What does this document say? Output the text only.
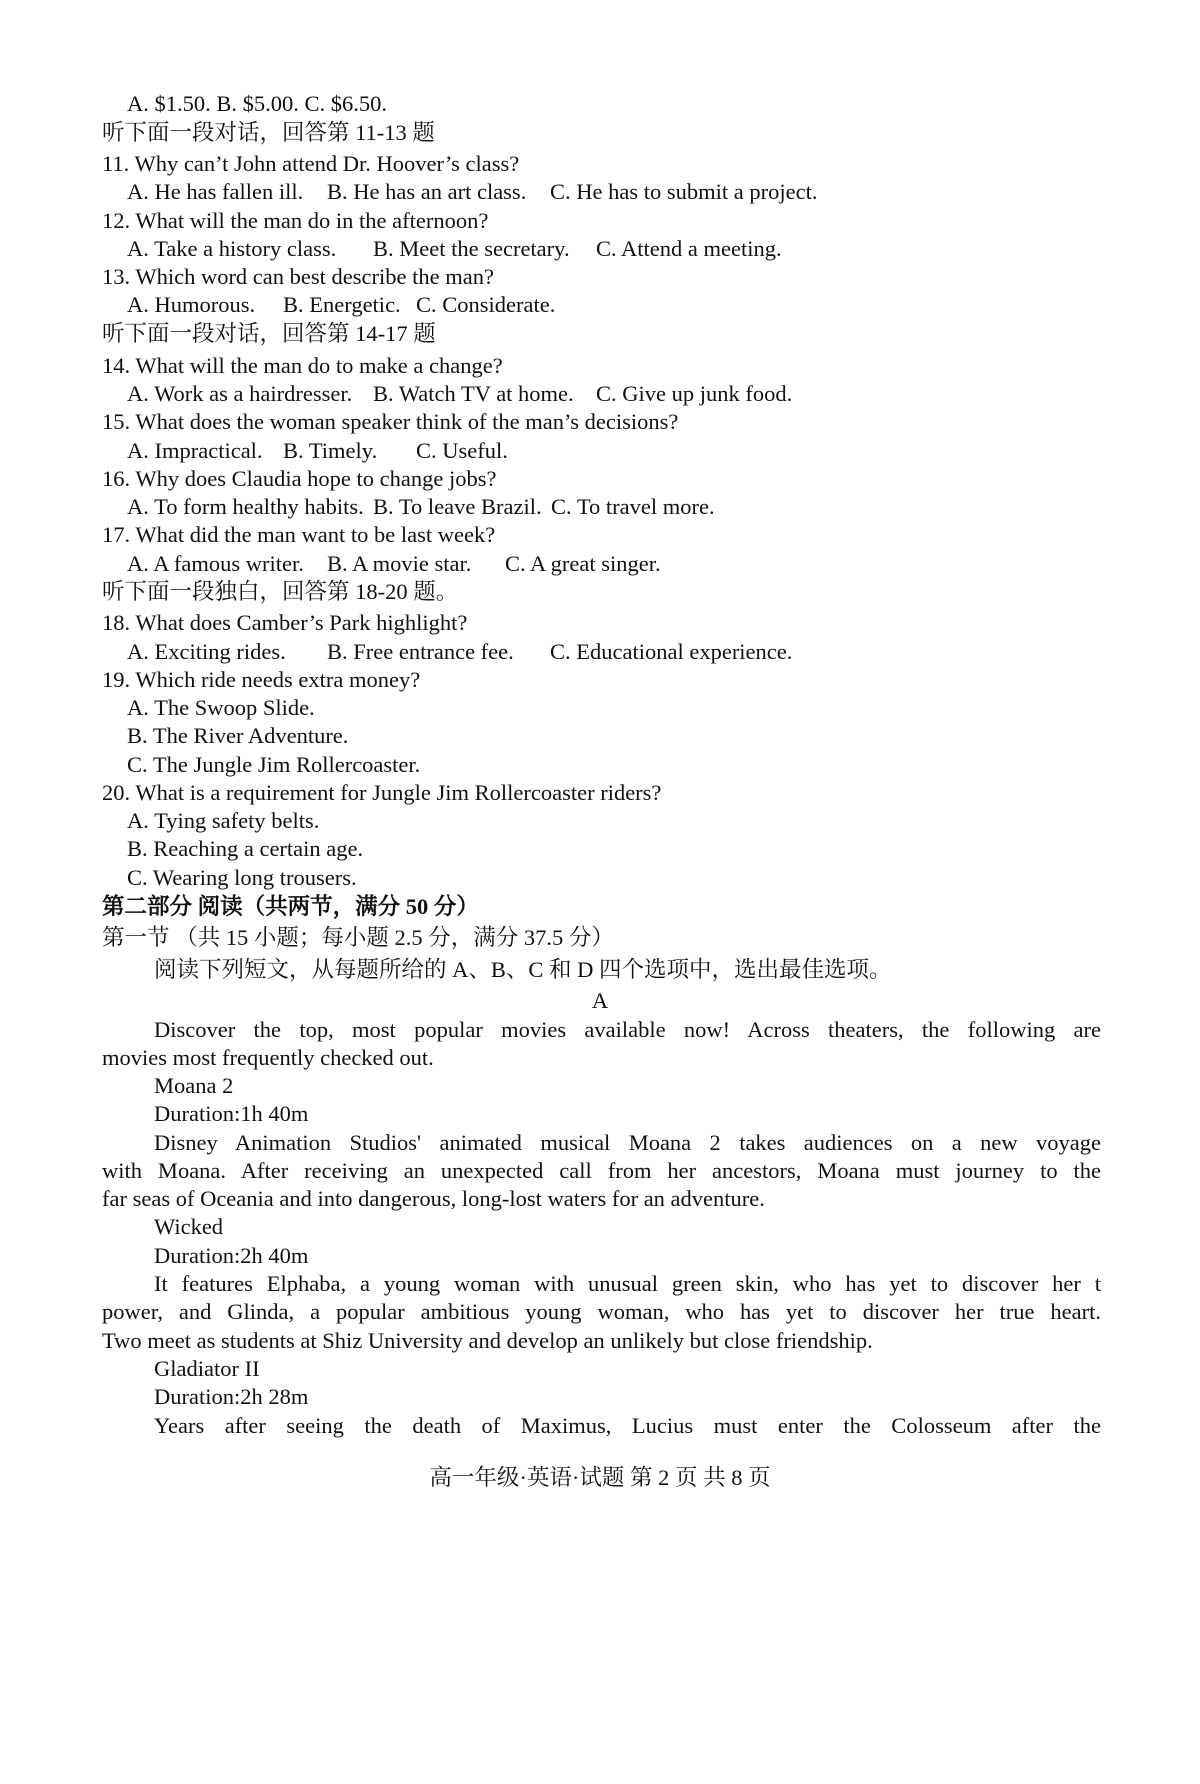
A. $1.50. B. $5.00. C. $6.50.
听下面一段对话，回答第 11-13 题
11. Why can’t John attend Dr. Hoover’s class?
A. He has fallen ill. B. He has an art class. C. He has to submit a project.
12. What will the man do in the afternoon?
A. Take a history class. B. Meet the secretary. C. Attend a meeting.
13. Which word can best describe the man?
A. Humorous. B. Energetic. C. Considerate.
听下面一段对话，回答第 14-17 题
14. What will the man do to make a change?
A. Work as a hairdresser. B. Watch TV at home. C. Give up junk food.
15. What does the woman speaker think of the man’s decisions?
A. Impractical. B. Timely. C. Useful.
16. Why does Claudia hope to change jobs?
A. To form healthy habits. B. To leave Brazil. C. To travel more.
17. What did the man want to be last week?
A. A famous writer. B. A movie star. C. A great singer.
听下面一段独白，回答第 18-20 题。
18. What does Camber’s Park highlight?
A. Exciting rides. B. Free entrance fee. C. Educational experience.
19. Which ride needs extra money?
A. The Swoop Slide.
B. The River Adventure.
C. The Jungle Jim Rollercoaster.
20. What is a requirement for Jungle Jim Rollercoaster riders?
A. Tying safety belts.
B. Reaching a certain age.
C. Wearing long trousers.
第二部分 阅读（共两节，满分 50 分）
第一节 （共 15 小题；每小题 2.5 分，满分 37.5 分）
阅读下列短文，从每题所给的 A、B、C 和 D 四个选项中，选出最佳选项。
A
Discover the top, most popular movies available now! Across theaters, the following are
movies most frequently checked out.
Moana 2
Duration:1h 40m
Disney Animation Studios' animated musical Moana 2 takes audiences on a new voyage
with Moana. After receiving an unexpected call from her ancestors, Moana must journey to the
far seas of Oceania and into dangerous, long-lost waters for an adventure.
Wicked
Duration:2h 40m
It features Elphaba, a young woman with unusual green skin, who has yet to discover her t
power, and Glinda, a popular ambitious young woman, who has yet to discover her true heart.
Two meet as students at Shiz University and develop an unlikely but close friendship.
Gladiator II
Duration:2h 28m
Years after seeing the death of Maximus, Lucius must enter the Colosseum after the
高一年级·英语·试题 第 2 页 共 8 页
